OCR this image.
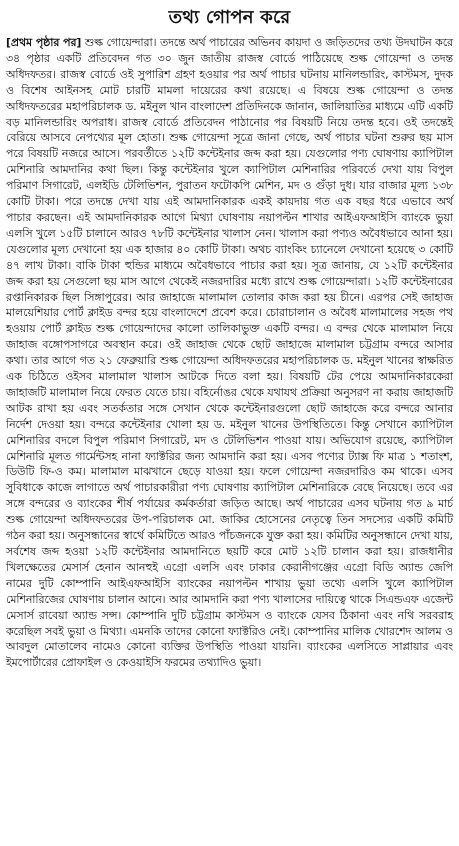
তথ্য গোপন করে

[প্রথম পৃষ্ঠার পর] শুল্ক গোয়েন্দারা। তদন্তে অর্থ পাচারের অভিনব কায়দা ও জড়িতদের তথ্য উদঘাটন করে ৩৪ পৃষ্ঠার একটি প্রতিবেদন গত ৩০ জুন জাতীয় রাজস্ব বোর্ডে পাঠিয়েছে শুল্ক গোয়েন্দা ও তদন্ত অধিদফতর। রাজস্ব বোর্ডে ওই সুপারিশ গ্রহণ হওয়ার পর অর্থ পাচার ঘটনায় মানিলন্ডারিং, কাস্টমস, দুদক ও বিশেষ আইনসহ মোট চারটি মামলা দায়েরের কথা রয়েছে। এ বিষয়ে শুল্ক গোয়েন্দা ও তদন্ত অধিদফতরের মহাপরিচালক ড. মইনুল খান বাংলাদেশ প্রতিদিনকে জানান, জালিয়াতির মাধ্যমে এটি একটি বড় মানিলন্ডারিং অপরাধ। রাজস্ব বোর্ডে প্রতিবেদন পাঠানোর পর বিষয়টি নিয়ে তদন্ত হবে। ওই তদন্তেই বেরিয়ে আসবে নেপথ্যের মূল হোতা। শুল্ক গোয়েন্দা সূত্রে জানা গেছে, অর্থ পাচার ঘটনা শুরুর ছয় মাস পরে বিষয়টি নজরে আসে। পরবর্তীতে ১২টি কন্টেইনার জব্দ করা হয়। যেগুলোর পণ্য ঘোষণায় ক্যাপিটাল মেশিনারি আমদানির কথা ছিল। কিন্তু কন্টেইনার খুলে ক্যাপিটাল মেশিনারির পরিবর্তে দেখা যায় বিপুল পরিমাণ সিগারেট, এলইডি টেলিভিশন, পুরাতন ফটোকপি মেশিন, মদ ও গুঁড়া দুধ। যার বাজার মূল্য ১৩৮ কোটি টাকা। পরে তদন্তে দেখা যায় এই আমদানিকারক একই কায়দায় গত এক বছর ধরে এভাবে অর্থ পাচার করছেন। এই আমদানিকারক আগে মিথ্যা ঘোষণায় নয়াপল্টন শাখার আইএফআইসি ব্যাংকে ভুয়া এলসি খুলে ১৫টি চালানে আরও ৭৮টি কন্টেইনার খালাস নেন। খালাস করা পণ্যও অবৈধভাবে আনা হয়। যেগুলোর মূল্য দেখানো হয় এক হাজার ৪০ কোটি টাকা। অথচ ব্যাংকিং চ্যানেলে দেখানো হয়েছে ৩ কোটি ৪৭ লাখ টাকা। বাকি টাকা হুন্ডির মাধ্যমে অবৈধভাবে পাচার করা হয়। সূত্র জানায়, যে ১২টি কন্টেইনার জব্দ করা হয় সেগুলো ছয় মাস আগে থেকেই নজরদারির মধ্যে রাখে শুল্ক গোয়েন্দারা। ১২টি কন্টেইনারের রপ্তানিকারক ছিল সিঙ্গাপুরের। আর জাহাজে মালামাল তোলার কাজ করা হয় চীনে। এরপর সেই জাহাজ মালয়েশিয়ার পোর্ট ক্লাইড বন্দর হয়ে বাংলাদেশে প্রবেশ করে। চোরাচালান ও অবৈধ মালামালের সহজ পথ হওয়ায় পোর্ট ক্লাইড শুল্ক গোয়েন্দাদের কালো তালিকাভুক্ত একটি বন্দর। এ বন্দর থেকে মালামাল নিয়ে জাহাজ বঙ্গোপসাগরে অবস্থান করে। ওই জাহাজ থেকে ছোট জাহাজে মালামাল চট্টগ্রাম বন্দরে আসার কথা। তার আগে গত ২১ ফেব্রুয়ারি শুল্ক গোয়েন্দা অধিদফতরের মহাপরিচালক ড. মইনুল খানের স্বাক্ষরিত এক চিঠিতে ওইসব মালামাল খালাস আটকে দিতে বলা হয়। বিষয়টি টের পেয়ে আমদানিকারকেরা জাহাজটি মালামাল নিয়ে ফেরত যেতে চায়। বহির্নোঙর থেকে যথাযথ প্রক্রিয়া অনুসরণ না করায় জাহাজটি আটক রাখা হয় এবং সতর্কতার সঙ্গে সেখান থেকে কন্টেইনারগুলো ছোট জাহাজে করে বন্দরে আনার নির্দেশ দেওয়া হয়। বন্দরে কন্টেইনার খোলা হয় ড. মইনুল খানের উপস্থিতিতে। কিন্তু সেখানে ক্যাপিটাল মেশিনারির বদলে বিপুল পরিমাণ সিগারেট, মদ ও টেলিভিশন পাওয়া যায়। অভিযোগ রয়েছে, ক্যাপিটাল মেশিনারি মূলত গার্মেন্টসহ নানা ফ্যাক্টরির জন্য আমদানি করা হয়। এসব পণ্যের ট্যাক্স ফি মাত্র ১ শতাংশ, ডিউটি ফি-ও কম। মালামাল মাঝখানে ছেড়ে যাওয়া হয়। ফলে গোয়েন্দা নজরদারিও কম থাকে। এসব সুবিধাকে কাজে লাগাতে অর্থ পাচারকারীরা পণ্য ঘোষণায় ক্যাপিটাল মেশিনারিকে বেছে নিয়েছে। তবে এর সঙ্গে বন্দরের ও ব্যাংকের শীর্ষ পর্যায়ের কর্মকর্তারা জড়িত আছে। অর্থ পাচারের এসব ঘটনায় গত ৯ মার্চ শুল্ক গোয়েন্দা অধিদফতরের উপ-পরিচালক মো. জাকির হোসেনের নেতৃত্বে তিন সদস্যের একটি কমিটি গঠন করা হয়। অনুসন্ধানের স্বার্থে কমিটিতে আরও পাঁচজনকে যুক্ত করা হয়। কমিটির অনুসন্ধানে দেখা যায়, সর্বশেষ জব্দ হওয়া ১২টি কন্টেইনার আমদানিতে ছয়টি করে মোট ১২টি চালান করা হয়। রাজধানীর খিলক্ষেতের মেসার্স হেনান আনহুই এগ্রো এলসি এবং ঢাকার কেরানীগঞ্জের এগ্রো বিডি অ্যান্ড জেপি নামের দুটি কোম্পানি আইএফআইসি ব্যাংকের নয়াপল্টন শাখায় ভুয়া তথ্যে এলসি খুলে ক্যাপিটাল মেশিনারিজের ঘোষণায় চালান আনে। আর আমদানি করা পণ্য খালাসের দায়িত্বে থাকে সিএন্ডএফ এজেন্ট মেসার্স রাবেয়া অ্যান্ড সন্স। কোম্পানি দুটি চট্টগ্রাম কাস্টমস ও ব্যাংকে যেসব ঠিকানা এবং নথি সরবরাহ করেছিল সবই ভুয়া ও মিথ্যা। এমনকি তাদের কোনো ফ্যাক্টরিও নেই। কোম্পানির মালিক খোরশেদ আলম ও আবদুল মোতালেব নামেও কোনো ব্যক্তির উপস্থিতি পাওয়া যায়নি। ব্যাংকের এলসিতে সাপ্লায়ার এবং ইমপোর্টারের প্রোফাইল ও কেওয়াইসি ফরমের তথ্যাদিও ভুয়া।
